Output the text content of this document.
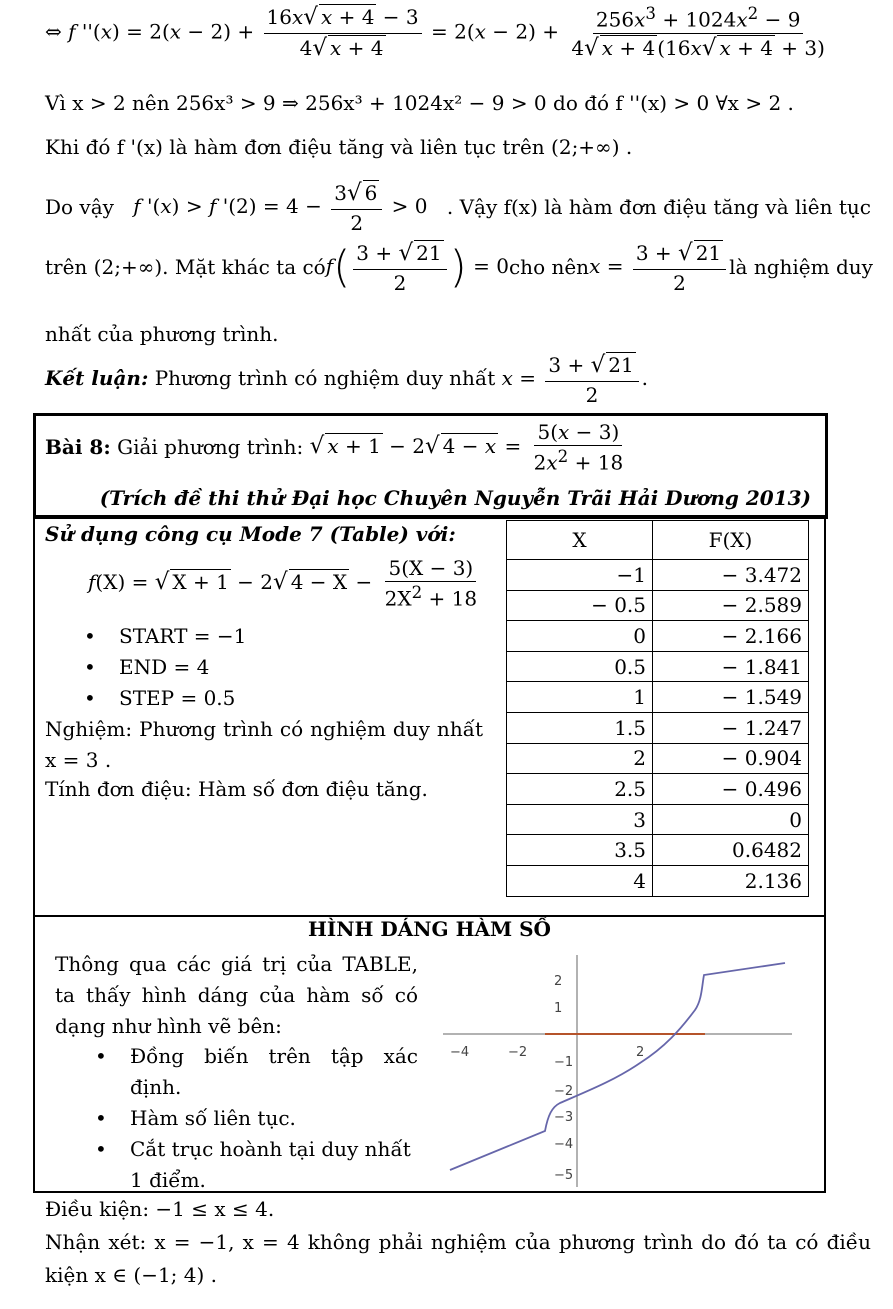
⇔ f ''$(x) = 2(x - 2) + \frac{16x√ x + 4 - 3}{4√ x + 4} = 2(x - 2) + \frac{256x^3 + 1024x^2 - 9}{4√ x + 4 (16x√ x + 4 + 3)}$
Vì x > 2 nên 256x³ > 9 ⇒ 256x³ + 1024x² − 9 > 0 do đó f ''(x) > 0 ∀x > 2 .
Khi đó f '(x) là hàm đơn điệu tăng và liên tục trên (2;+∞) .
Do vậy f '(x) > f '$(2) = 4 - \frac{3√ 6}{2} > 0$ . Vậy f(x) là hàm đơn điệu tăng và liên tục
trên (2;+∞). Mặt khác ta có $f( \frac{3 + √ 21}{2}$ ) = 0 cho nên $x = \frac{3 + √ 21}{2}$ là nghiệm duy
nhất của phương trình.
Kết luận: Phương trình có nghiệm duy nhất $x = \frac{3 + √ 21}{2}$ .
Bài 8:
Giải phương trình:
√ x + 1 − 2√ $4 - x = \frac{5(x - 3)}{2x^2 + 18}$
(Trích đề thi thử Đại học Chuyên Nguyễn Trãi Hải Dương 2013)
Sử dụng công cụ Mode 7 (Table) với:
f(X) = √ X + 1 − 2√ $4 - X - \frac{5(X - 3)}{2X^2 + 18}$
• START = −1
• END = 4
• STEP = 0.5
Nghiệm: Phương trình có nghiệm duy nhất x = 3 .
Tính đơn điệu: Hàm số đơn điệu tăng.
X	F(X)
−1	− 3.472
− 0.5	− 2.589
0	− 2.166
0.5	− 1.841
1	− 1.549
1.5	− 1.247
2	− 0.904
2.5	− 0.496
3	0
3.5	0.6482
4	2.136
HÌNH DÁNG HÀM SỐ
Thông qua các giá trị của TABLE, ta thấy hình dáng của hàm số có dạng như hình vẽ bên:
• Đồng biến trên tập xác định.
• Hàm số liên tục.
• Cắt trục hoành tại duy nhất 1 điểm.
−4	−2	2
2
1
−1
−2
−3
−4
−5
Điều kiện: −1 ≤ x ≤ 4.
Nhận xét: x = −1, x = 4 không phải nghiệm của phương trình do đó ta có điều
kiện x ∈ (−1; 4) .
